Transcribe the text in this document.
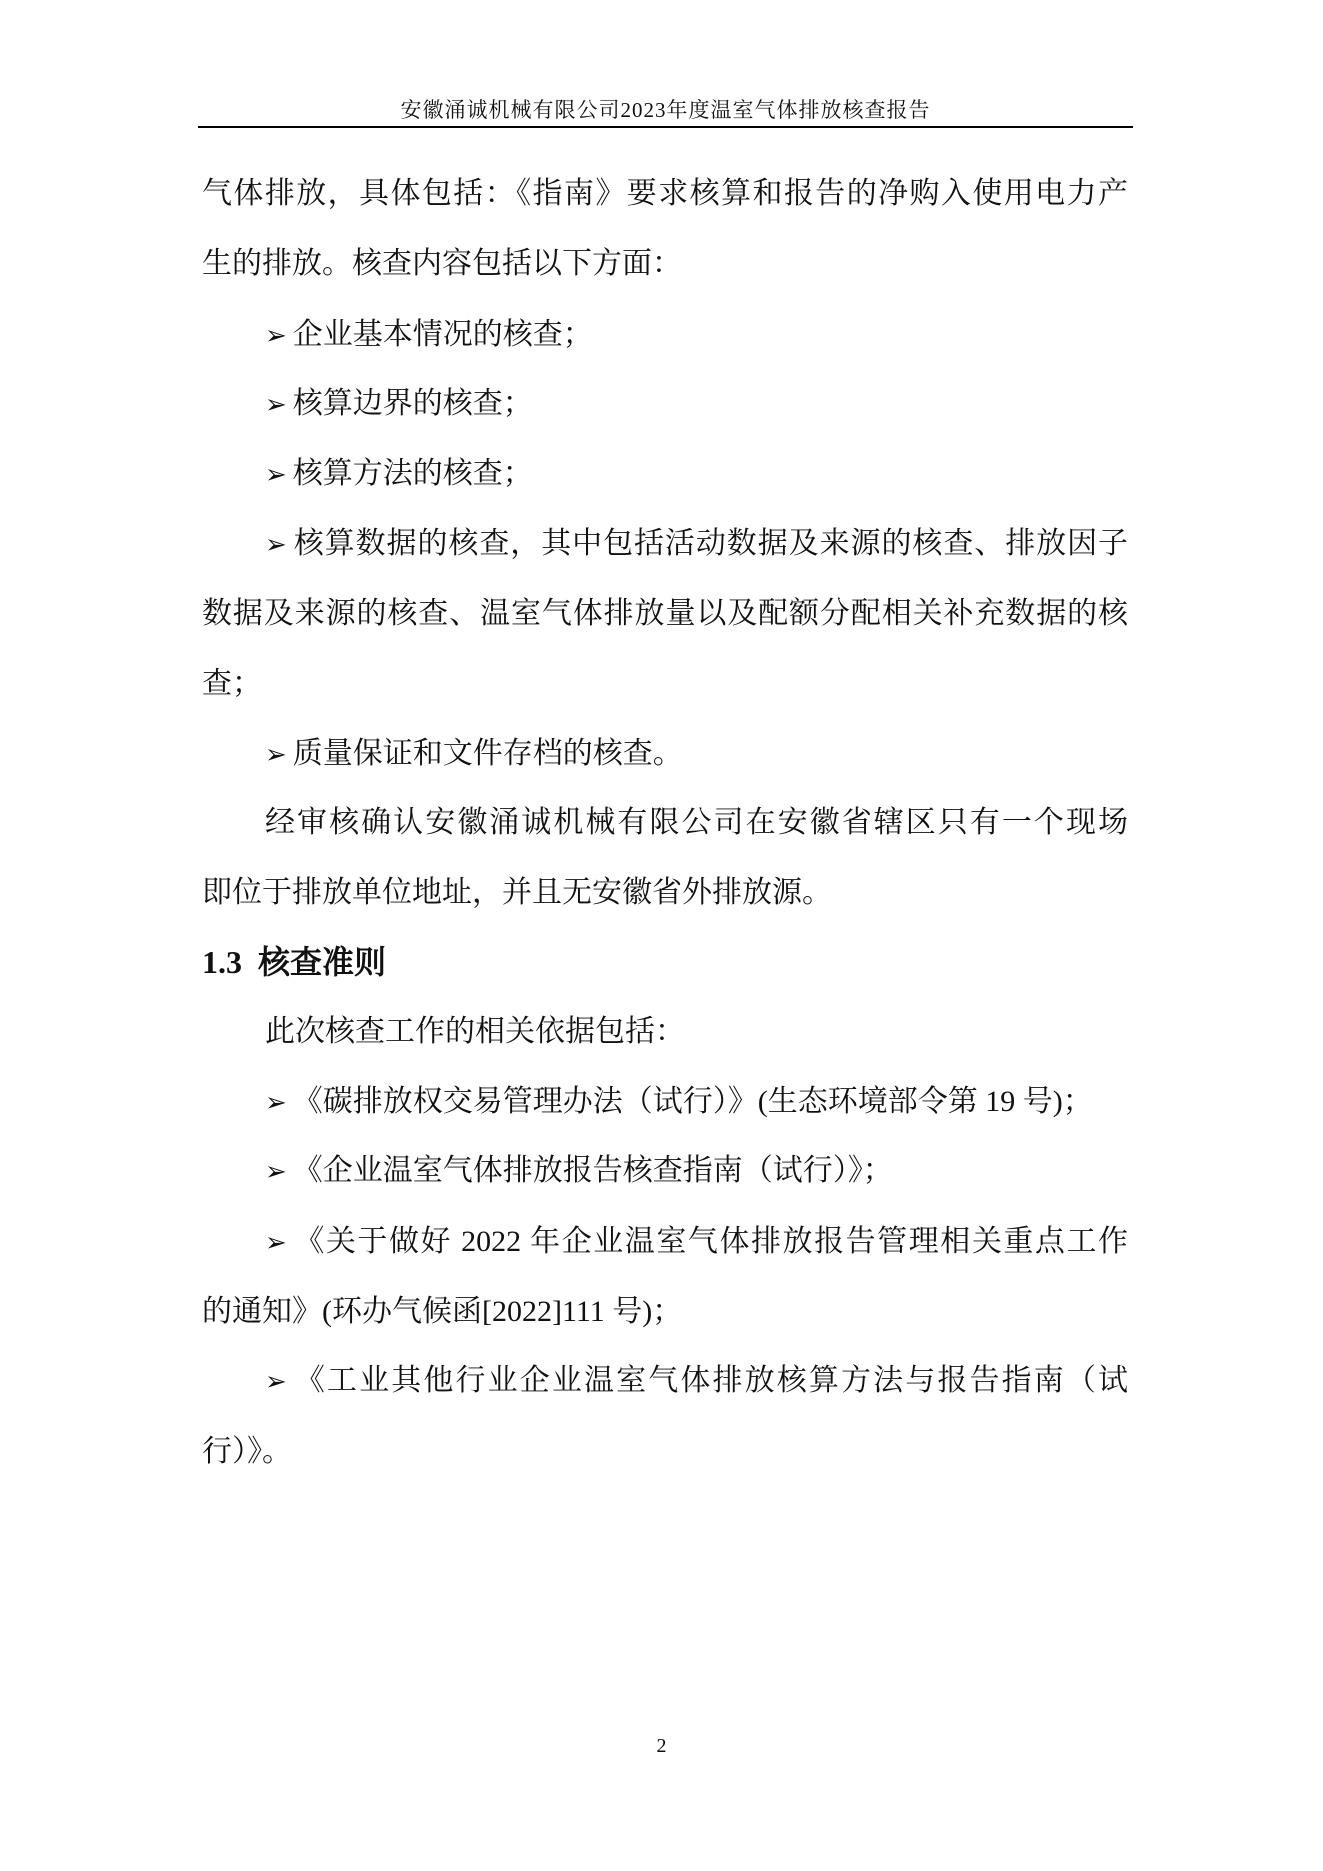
安徽涌诚机械有限公司2023年度温室气体排放核查报告
气体排放，具体包括：《指南》要求核算和报告的净购入使用电力产
生的排放。核查内容包括以下方面：
➢ 企业基本情况的核查；
➢ 核算边界的核查；
➢ 核算方法的核查；
➢ 核算数据的核查，其中包括活动数据及来源的核查、排放因子
数据及来源的核查、温室气体排放量以及配额分配相关补充数据的核
查；
➢ 质量保证和文件存档的核查。
经审核确认安徽涌诚机械有限公司在安徽省辖区只有一个现场
即位于排放单位地址，并且无安徽省外排放源。
1.3 核查准则
此次核查工作的相关依据包括：
➢ 《碳排放权交易管理办法（试行）》(生态环境部令第 19 号)；
➢ 《企业温室气体排放报告核查指南（试行）》；
➢ 《关于做好 2022 年企业温室气体排放报告管理相关重点工作
的通知》(环办气候函[2022]111 号)；
➢ 《工业其他行业企业温室气体排放核算方法与报告指南（试
行）》。
2
